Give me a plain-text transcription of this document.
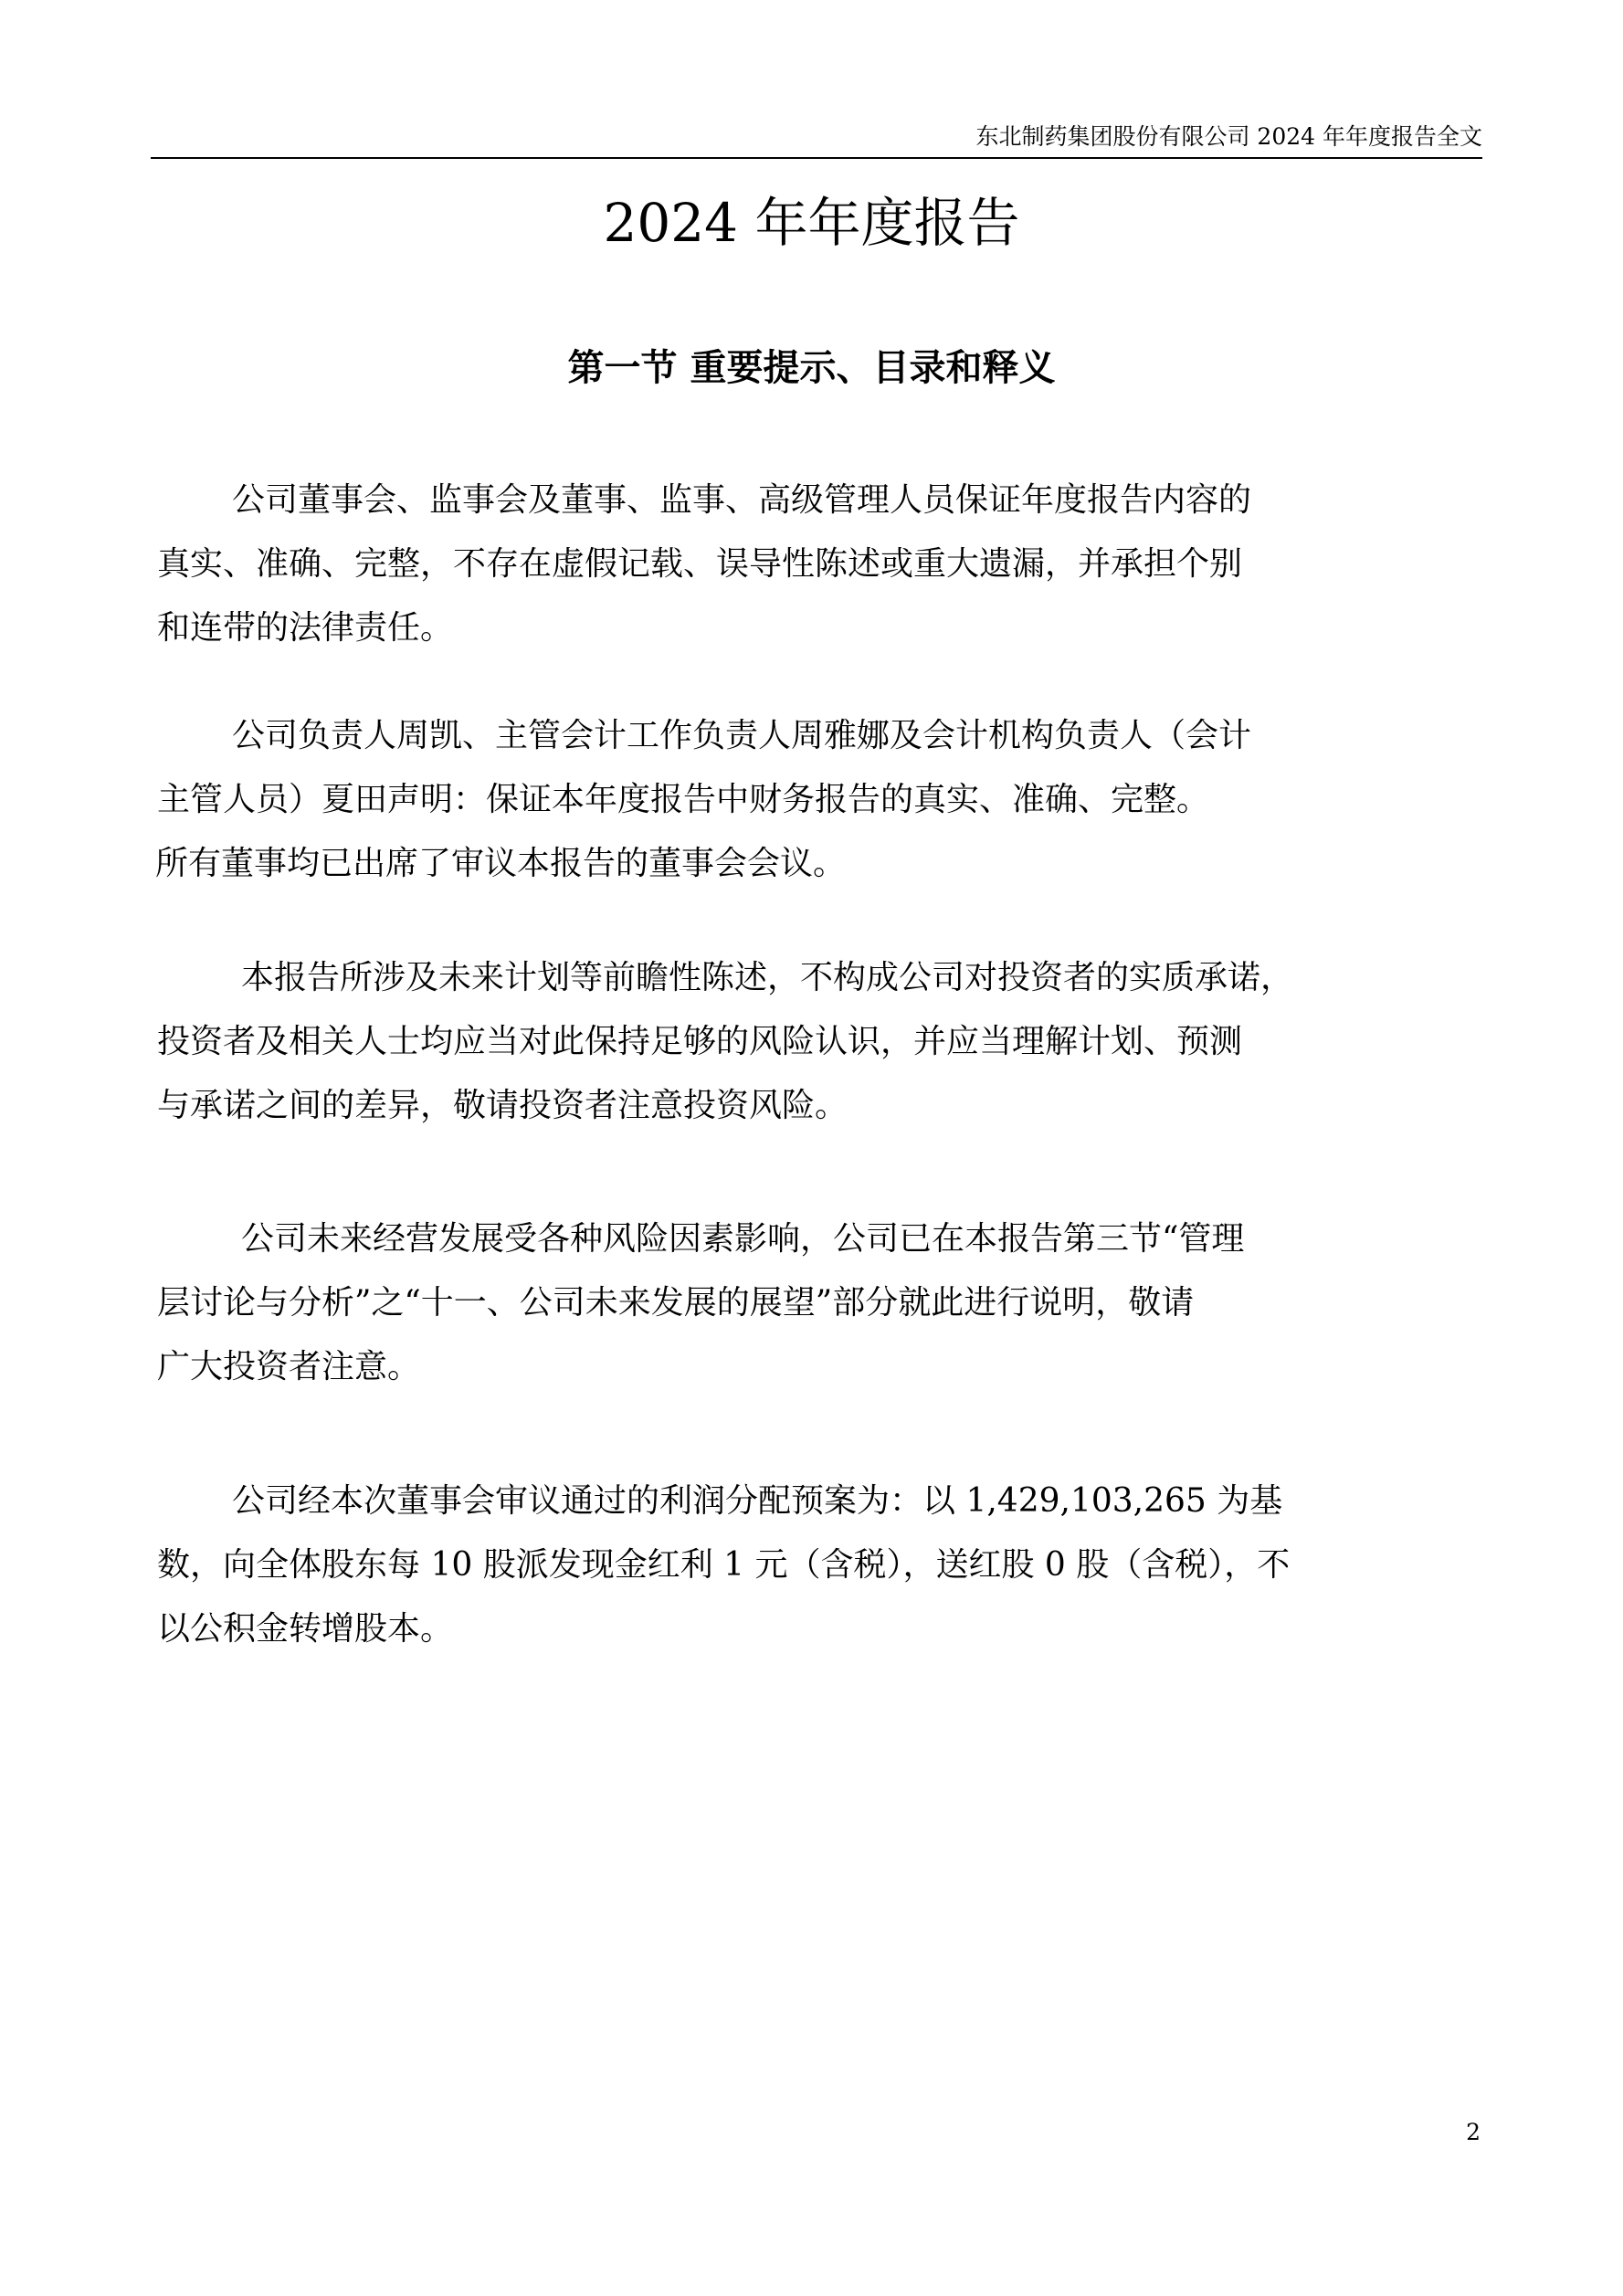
东北制药集团股份有限公司 2024 年年度报告全文
2024 年年度报告
第一节 重要提示、目录和释义

公司董事会、监事会及董事、监事、高级管理人员保证年度报告内容的
真实、准确、完整，不存在虚假记载、误导性陈述或重大遗漏，并承担个别
和连带的法律责任。

公司负责人周凯、主管会计工作负责人周雅娜及会计机构负责人（会计
主管人员）夏田声明：保证本年度报告中财务报告的真实、准确、完整。
所有董事均已出席了审议本报告的董事会会议。

本报告所涉及未来计划等前瞻性陈述，不构成公司对投资者的实质承诺，
投资者及相关人士均应当对此保持足够的风险认识，并应当理解计划、预测
与承诺之间的差异，敬请投资者注意投资风险。

公司未来经营发展受各种风险因素影响，公司已在本报告第三节“管理
层讨论与分析”之“十一、公司未来发展的展望”部分就此进行说明，敬请
广大投资者注意。

公司经本次董事会审议通过的利润分配预案为：以 1,429,103,265 为基
数，向全体股东每 10 股派发现金红利 1 元（含税），送红股 0 股（含税），不
以公积金转增股本。

2
